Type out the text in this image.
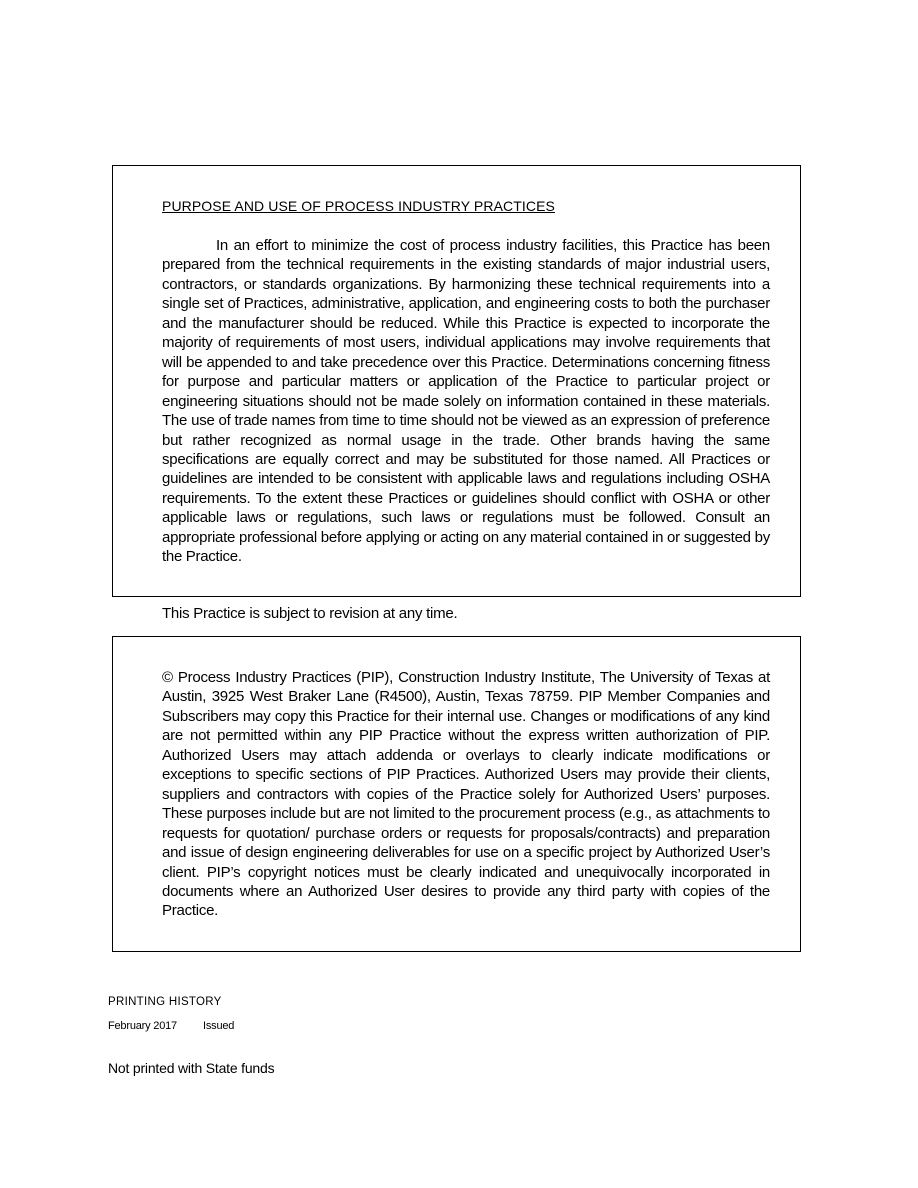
PURPOSE AND USE OF PROCESS INDUSTRY PRACTICES
In an effort to minimize the cost of process industry facilities, this Practice has been prepared from the technical requirements in the existing standards of major industrial users, contractors, or standards organizations. By harmonizing these technical requirements into a single set of Practices, administrative, application, and engineering costs to both the purchaser and the manufacturer should be reduced. While this Practice is expected to incorporate the majority of requirements of most users, individual applications may involve requirements that will be appended to and take precedence over this Practice. Determinations concerning fitness for purpose and particular matters or application of the Practice to particular project or engineering situations should not be made solely on information contained in these materials. The use of trade names from time to time should not be viewed as an expression of preference but rather recognized as normal usage in the trade. Other brands having the same specifications are equally correct and may be substituted for those named. All Practices or guidelines are intended to be consistent with applicable laws and regulations including OSHA requirements. To the extent these Practices or guidelines should conflict with OSHA or other applicable laws or regulations, such laws or regulations must be followed. Consult an appropriate professional before applying or acting on any material contained in or suggested by the Practice.
This Practice is subject to revision at any time.
© Process Industry Practices (PIP), Construction Industry Institute, The University of Texas at Austin, 3925 West Braker Lane (R4500), Austin, Texas 78759. PIP Member Companies and Subscribers may copy this Practice for their internal use. Changes or modifications of any kind are not permitted within any PIP Practice without the express written authorization of PIP. Authorized Users may attach addenda or overlays to clearly indicate modifications or exceptions to specific sections of PIP Practices. Authorized Users may provide their clients, suppliers and contractors with copies of the Practice solely for Authorized Users’ purposes. These purposes include but are not limited to the procurement process (e.g., as attachments to requests for quotation/ purchase orders or requests for proposals/contracts) and preparation and issue of design engineering deliverables for use on a specific project by Authorized User’s client. PIP’s copyright notices must be clearly indicated and unequivocally incorporated in documents where an Authorized User desires to provide any third party with copies of the Practice.
PRINTING HISTORY
February 2017 Issued
Not printed with State funds
